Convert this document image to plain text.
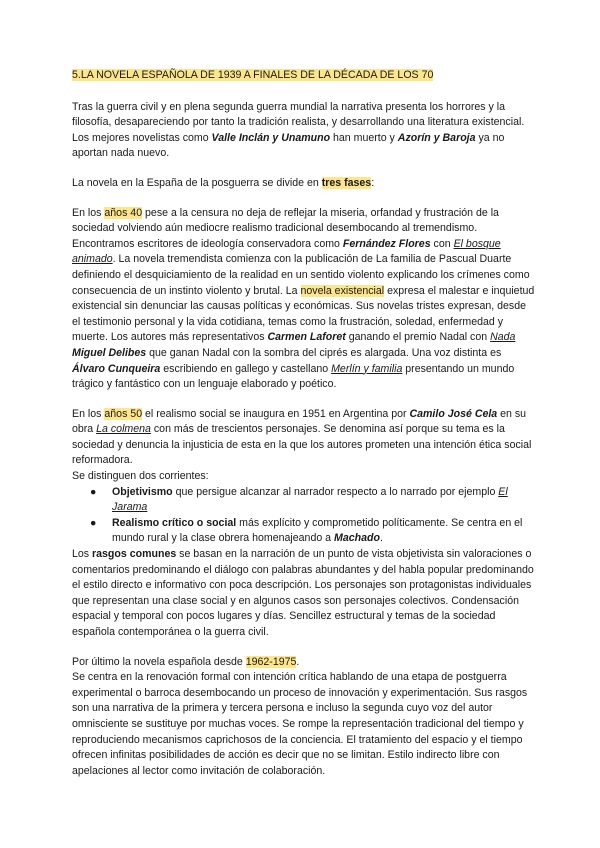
5.LA NOVELA ESPAÑOLA DE 1939 A FINALES DE LA DÉCADA DE LOS 70

Tras la guerra civil y en plena segunda guerra mundial la narrativa presenta los horrores y la filosofía, desapareciendo por tanto la tradición realista, y desarrollando una literatura existencial. Los mejores novelistas como Valle Inclán y Unamuno han muerto y Azorín y Baroja ya no aportan nada nuevo.

La novela en la España de la posguerra se divide en tres fases:

En los años 40 pese a la censura no deja de reflejar la miseria, orfandad y frustración de la sociedad volviendo aún mediocre realismo tradicional desembocando al tremendismo. Encontramos escritores de ideología conservadora como Fernández Flores con El bosque animado. La novela tremendista comienza con la publicación de La familia de Pascual Duarte definiendo el desquiciamiento de la realidad en un sentido violento explicando los crímenes como consecuencia de un instinto violento y brutal. La novela existencial expresa el malestar e inquietud existencial sin denunciar las causas políticas y económicas. Sus novelas tristes expresan, desde el testimonio personal y la vida cotidiana, temas como la frustración, soledad, enfermedad y muerte. Los autores más representativos Carmen Laforet ganando el premio Nadal con Nada Miguel Delibes que ganan Nadal con la sombra del ciprés es alargada. Una voz distinta es Álvaro Cunqueira escribiendo en gallego y castellano Merlín y familia presentando un mundo trágico y fantástico con un lenguaje elaborado y poético.

En los años 50 el realismo social se inaugura en 1951 en Argentina por Camilo José Cela en su obra La colmena con más de trescientos personajes. Se denomina así porque su tema es la sociedad y denuncia la injusticia de esta en la que los autores prometen una intención ética social reformadora.

Se distinguen dos corrientes:

● Objetivismo que persigue alcanzar al narrador respecto a lo narrado por ejemplo El Jarama
● Realismo crítico o social más explícito y comprometido políticamente. Se centra en el mundo rural y la clase obrera homenajeando a Machado.

Los rasgos comunes se basan en la narración de un punto de vista objetivista sin valoraciones o comentarios predominando el diálogo con palabras abundantes y del habla popular predominando el estilo directo e informativo con poca descripción. Los personajes son protagonistas individuales que representan una clase social y en algunos casos son personajes colectivos. Condensación espacial y temporal con pocos lugares y días. Sencillez estructural y temas de la sociedad española contemporánea o la guerra civil.

Por último la novela española desde 1962-1975.

Se centra en la renovación formal con intención crítica hablando de una etapa de postguerra experimental o barroca desembocando un proceso de innovación y experimentación. Sus rasgos son una narrativa de la primera y tercera persona e incluso la segunda cuyo voz del autor omnisciente se sustituye por muchas voces. Se rompe la representación tradicional del tiempo y reproduciendo mecanismos caprichosos de la conciencia. El tratamiento del espacio y el tiempo ofrecen infinitas posibilidades de acción es decir que no se limitan. Estilo indirecto libre con apelaciones al lector como invitación de colaboración.
